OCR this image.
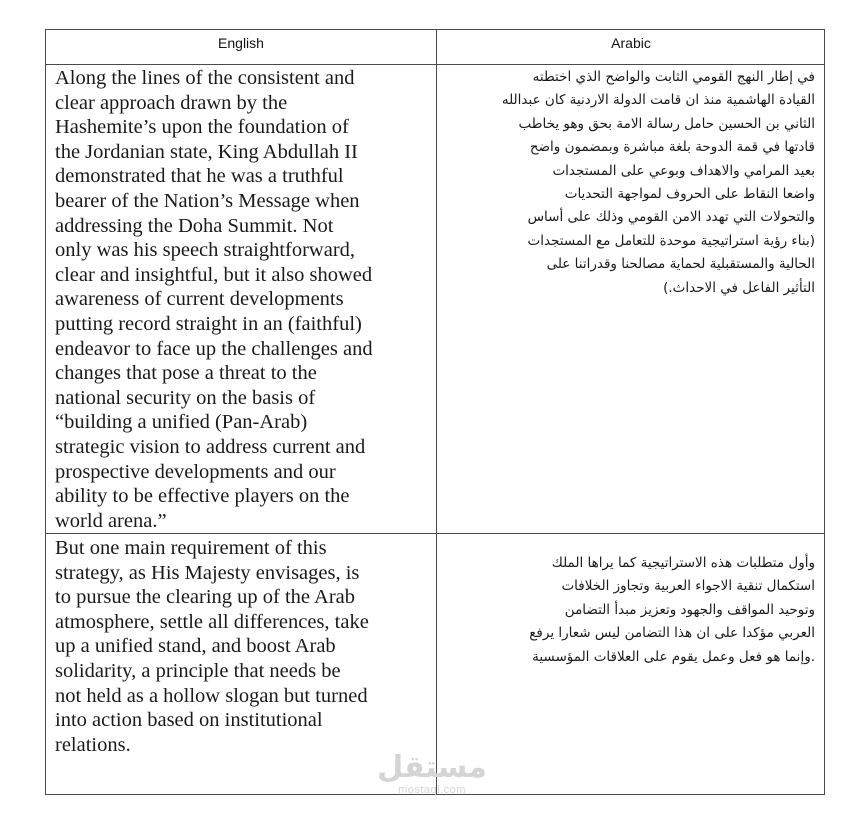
English	Arabic
Along the lines of the consistent and
clear approach drawn by the
Hashemite’s upon the foundation of
the Jordanian state, King Abdullah II
demonstrated that he was a truthful
bearer of the Nation’s Message when
addressing the Doha Summit. Not
only was his speech straightforward,
clear and insightful, but it also showed
awareness of current developments
putting record straight in an (faithful)
endeavor to face up the challenges and
changes that pose a threat to the
national security on the basis of
“building a unified (Pan-Arab)
strategic vision to address current and
prospective developments and our
ability to be effective players on the
world arena.”
في إطار النهج القومي الثابت والواضح الذي اختطته
القيادة الهاشمية منذ ان قامت الدولة الاردنية كان عبدالله
الثاني بن الحسين حامل رسالة الامة بحق وهو يخاطب
قادتها في قمة الدوحة بلغة مباشرة وبمضمون واضح
بعيد المرامي والاهداف وبوعي على المستجدات
واضعا النقاط على الحروف لمواجهة التحديات
والتحولات التي تهدد الامن القومي وذلك على أساس
(بناء رؤية استراتيجية موحدة للتعامل مع المستجدات
الحالية والمستقبلية لحماية مصالحنا وقدراتنا على
التأثير الفاعل في الاحداث.)
But one main requirement of this
strategy, as His Majesty envisages, is
to pursue the clearing up of the Arab
atmosphere, settle all differences, take
up a unified stand, and boost Arab
solidarity, a principle that needs be
not held as a hollow slogan but turned
into action based on institutional
relations.
وأول متطلبات هذه الاستراتيجية كما يراها الملك
استكمال تنقية الاجواء العربية وتجاوز الخلافات
وتوحيد المواقف والجهود وتعزيز مبدأ التضامن
العربي مؤكدا على ان هذا التضامن ليس شعارا يرفع
.وإنما هو فعل وعمل يقوم على العلاقات المؤسسية
مستقل
mostaql.com
